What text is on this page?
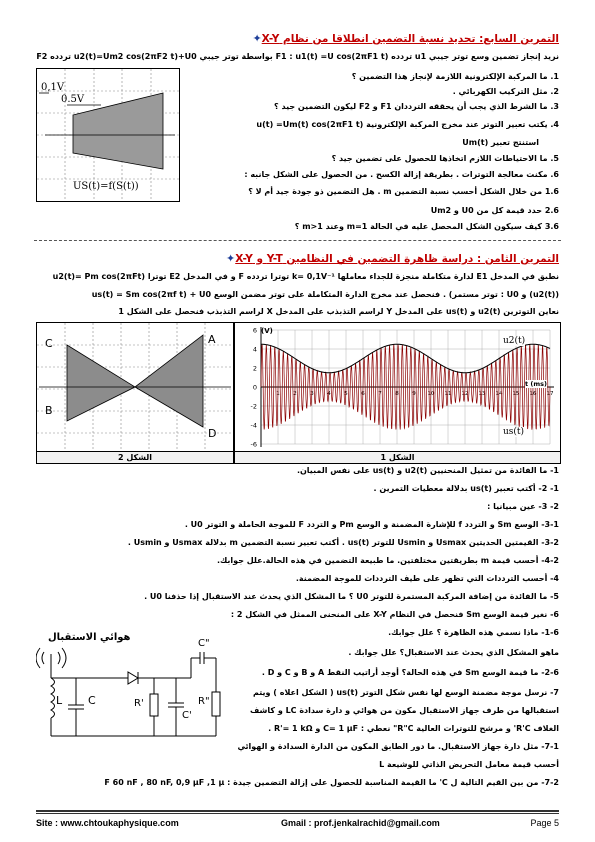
التمرين السابع: تحديد نسبة التضمين انطلاقا من نظام X-Y✦
نريد إنجاز تضمين وسع توتر جيبي u1 تردده F1 : u1(t) =U cos(2πF1 t) بواسطة توتر جيبي u2(t)=Um2 cos(2πF2 t)+U0 تردده F2
0,1V
0.5V
US(t)=f(S(t))
1. ما المركبة الإلكترونية اللازمة لإنجاز هذا التضمين ؟
2. مثل التركيب الكهربائي .
3. ما الشرط الذي يجب أن يحققه الترددان F1 و F2 ليكون التضمين جيد ؟
4. يكتب تعبير التوتر عند مخرج المركبة الإلكترونية u(t) =Um(t) cos(2πF1 t)
استنتج تعبير Um(t)
5. ما الاحتياطات اللازم اتخاذها للحصول على تضمين جيد ؟
6. مكنت معالجة التوترات . بطريقة إزالة الكسح . من الحصول على الشكل جانبه :
1.6 من خلال الشكل أحسب نسبة التضمين m . هل التضمين ذو جودة جيد أم لا ؟
2.6 حدد قيمة كل من U0 و Um2
3.6 كيف سيكون الشكل المحصل عليه في الحالة m=1 وعند m>1 ؟
التمرين الثامن : دراسة ظاهرة التضمين في النظامين Y-T و X-Y✦
نطبق في المدخل E1 لدارة متكاملة منجزة للجداء معاملها k= 0,1V⁻¹ توترا تردده F و في المدخل E2 توترا u2(t)= Pm cos(2πFt)
(u2(t)) و U0 : توتر مستمر) . فنحصل عند مخرج الدارة المتكاملة على توتر مضمن الوسع us(t) = Sm cos(2πf t) + U0
نعاين التوترين u2(t) و us(t) على المدخل Y لراسم التذبذب على المدخل X لراسم التذبذب فنحصل على الشكل 1
C
B
A
D
الشكل 2
6
4
2
0
-2
-4
-6
1 2 3 4 5 6 7 8 9 10 11 12 13 14 15 16 17
(V)
t (ms)
u2(t)
us(t)
الشكل 1
1- ما الفائدة من تمثيل المنحنيين u2(t) و us(t) على نفس المبيان.
1- 2- أكتب تعبير us(t) بدلالة معطيات التمرين .
2- 3- عين مبيانيا :
3-1- الوسع Sm و التردد f للإشارة المضمنة و الوسع Pm و التردد F للموجة الحاملة و التوتر U0 .
3-2- القيمتين الحديتين Usmax و Usmin للتوتر us(t) . أكتب تعبير نسبة التضمين m بدلالة Usmax و Usmin .
4-2- أحسب قيمة m بطريقتين مختلفتين. ما طبيعة التضمين في هذه الحالة.علل جوابك.
4- أحسب الترددات التي تظهر على طيف الترددات للموجة المضمنة.
5- ما الفائدة من إضافة المركبة المستمرة للتوتر U0 ؟ ما المشكل الذي يحدث عند الاستقبال إذا حذفنا U0 .
6- نغير قيمة الوسع Sm فنحصل في النظام X-Y على المنحنى الممثل في الشكل 2 :
1-6- ماذا نسمي هذه الظاهرة ؟ علل جوابك.
ماهو المشكل الذي يحدث عند الاستقبال؟ علل جوابك .
2-6- ما قيمة الوسع Sm في هذه الحالة؟ أوجد أراتيب النقط A و B و C و D .
7- نرسل موجة مضمنة الوسع لها نفس شكل التوتر us(t) ( الشكل اعلاه ) ويتم
استقبالها من طرف جهاز الاستقبال مكون من هوائي و دارة سدادة LC و كاشف
الغلاف R'C' و مرشح للتوترات العالية R"C" نعطي : C= 1 µF و R'= 1 kΩ .
7-1- مثل دارة جهاز الاستقبال. ما دور الطابق المكون من الدارة السدادة و الهوائي
أحسب قيمة معامل التحريض الذاتي للوشيعة L
7-2- من بين القيم التالية ل C' ما القيمة المناسبة للحصول على إزالة التضمين جيدة : F 60 nF , 80 nF, 0,9 µF ,1 µ
هوائي الاستقبال
L C	R'
C'
C"
R"
Site : www.chtoukaphysique.com	Gmail : prof.jenkalrachid@gmail.com	Page 5
